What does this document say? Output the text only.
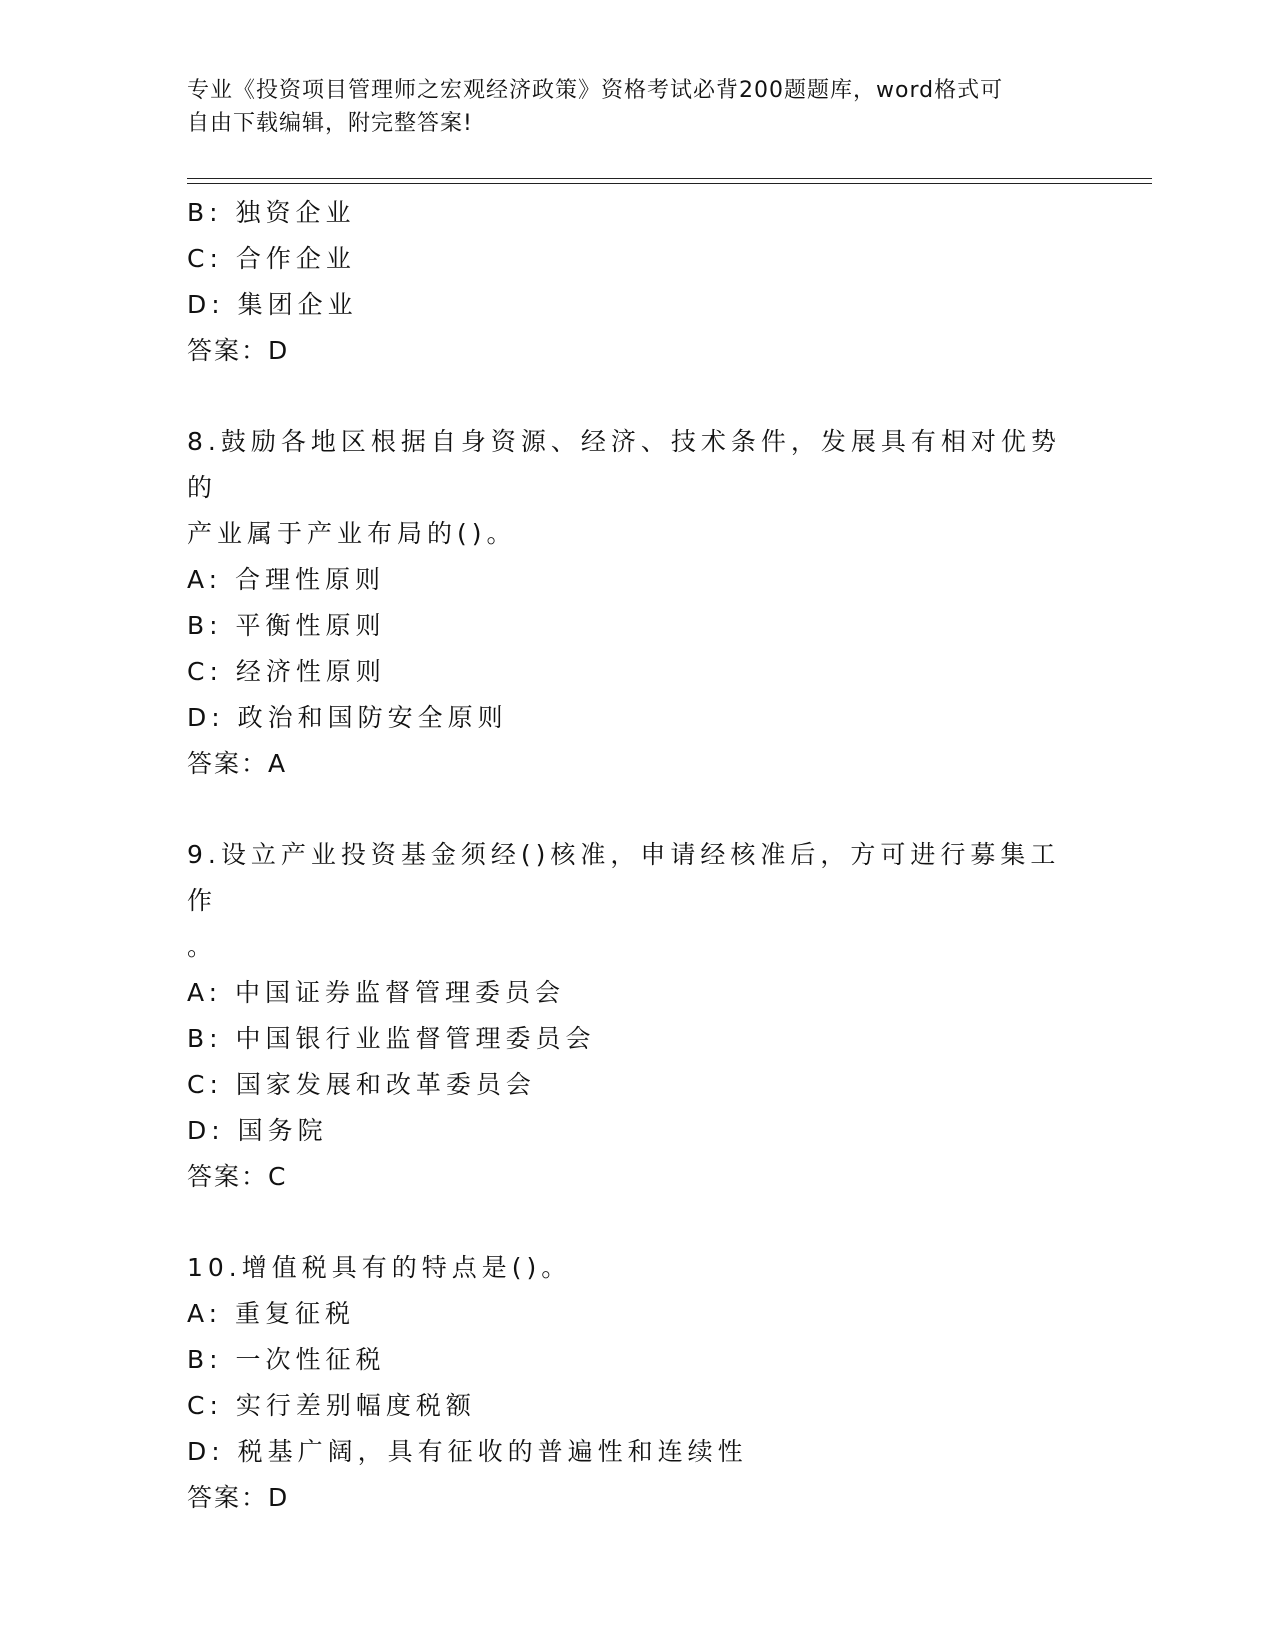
专业《投资项目管理师之宏观经济政策》资格考试必背200题题库，word格式可
自由下载编辑，附完整答案!
B: 独资企业
C: 合作企业
D: 集团企业
答案：D
8.鼓励各地区根据自身资源、经济、技术条件，发展具有相对优势的
产业属于产业布局的()。
A: 合理性原则
B: 平衡性原则
C: 经济性原则
D: 政治和国防安全原则
答案：A
9.设立产业投资基金须经()核准，申请经核准后，方可进行募集工作
。
A: 中国证券监督管理委员会
B: 中国银行业监督管理委员会
C: 国家发展和改革委员会
D: 国务院
答案：C
10.增值税具有的特点是()。
A: 重复征税
B: 一次性征税
C: 实行差别幅度税额
D: 税基广阔，具有征收的普遍性和连续性
答案：D
